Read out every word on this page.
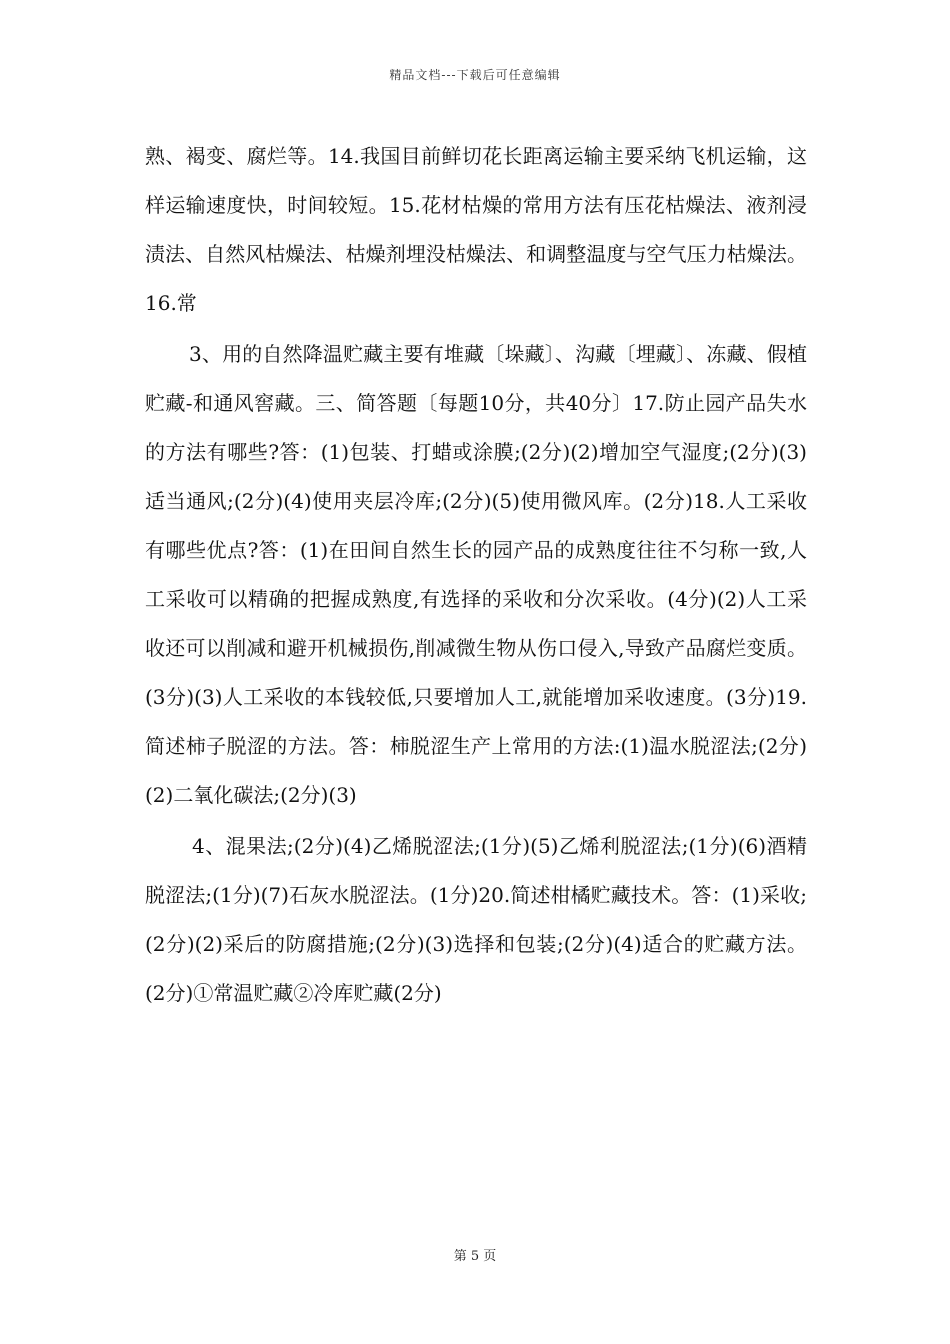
精品文档---下载后可任意编辑

熟、褐变、腐烂等。14.我国目前鲜切花长距离运输主要采纳飞机运输，这样运输速度快，时间较短。15.花材枯燥的常用方法有压花枯燥法、液剂浸渍法、自然风枯燥法、枯燥剂埋没枯燥法、和调整温度与空气压力枯燥法。16.常

3、用的自然降温贮藏主要有堆藏〔垛藏〕、沟藏〔埋藏〕、冻藏、假植贮藏-和通风窖藏。三、简答题〔每题10分，共40分〕17.防止园产品失水的方法有哪些?答：(1)包装、打蜡或涂膜;(2分)(2)增加空气湿度;(2分)(3)适当通风;(2分)(4)使用夹层冷库;(2分)(5)使用微风库。(2分)18.人工采收有哪些优点?答：(1)在田间自然生长的园产品的成熟度往往不匀称一致,人工采收可以精确的把握成熟度,有选择的采收和分次采收。(4分)(2)人工采收还可以削减和避开机械损伤,削减微生物从伤口侵入,导致产品腐烂变质。(3分)(3)人工采收的本钱较低,只要增加人工,就能增加采收速度。(3分)19.简述柿子脱涩的方法。答：柿脱涩生产上常用的方法:(1)温水脱涩法;(2分)(2)二氧化碳法;(2分)(3)

4、混果法;(2分)(4)乙烯脱涩法;(1分)(5)乙烯利脱涩法;(1分)(6)酒精脱涩法;(1分)(7)石灰水脱涩法。(1分)20.简述柑橘贮藏技术。答：(1)采收;(2分)(2)采后的防腐措施;(2分)(3)选择和包装;(2分)(4)适合的贮藏方法。(2分)①常温贮藏②冷库贮藏(2分)

第 5 页
